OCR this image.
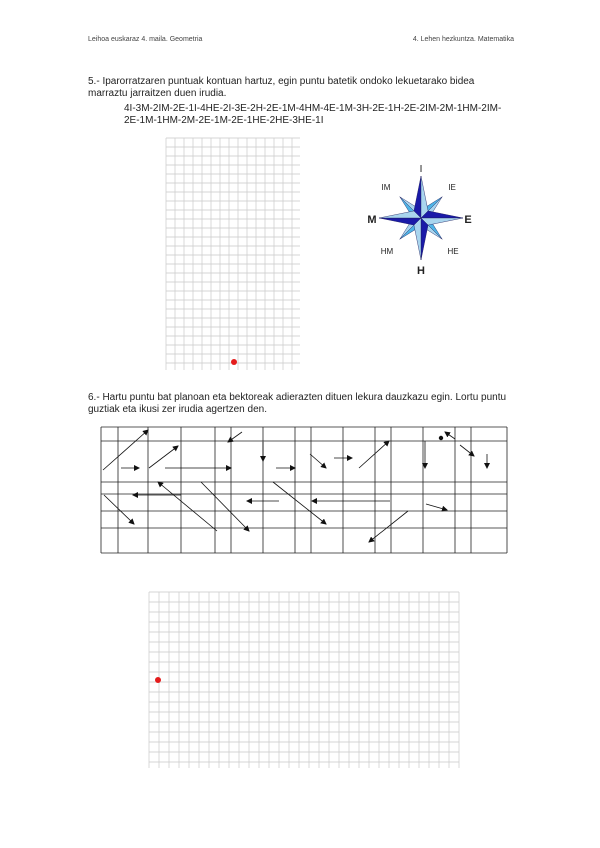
Leihoa euskaraz 4. maila. Geometria	4. Lehen hezkuntza. Matematika
5.- Iparorratzaren puntuak kontuan hartuz, egin puntu batetik ondoko lekuetarako bidea marraztu jarraitzen duen irudia.
4I-3M-2IM-2E-1I-4HE-2I-3E-2H-2E-1M-4HM-4E-1M-3H-2E-1H-2E-2IM-2M-1HM-2IM-2E-1M-1HM-2M-2E-1M-2E-1HE-2HE-3HE-1I
I
H
E
M
IM	IE
HM	HE
6.- Hartu puntu bat planoan eta bektoreak adierazten dituen lekura dauzkazu egin. Lortu puntu guztiak eta ikusi zer irudia agertzen den.
